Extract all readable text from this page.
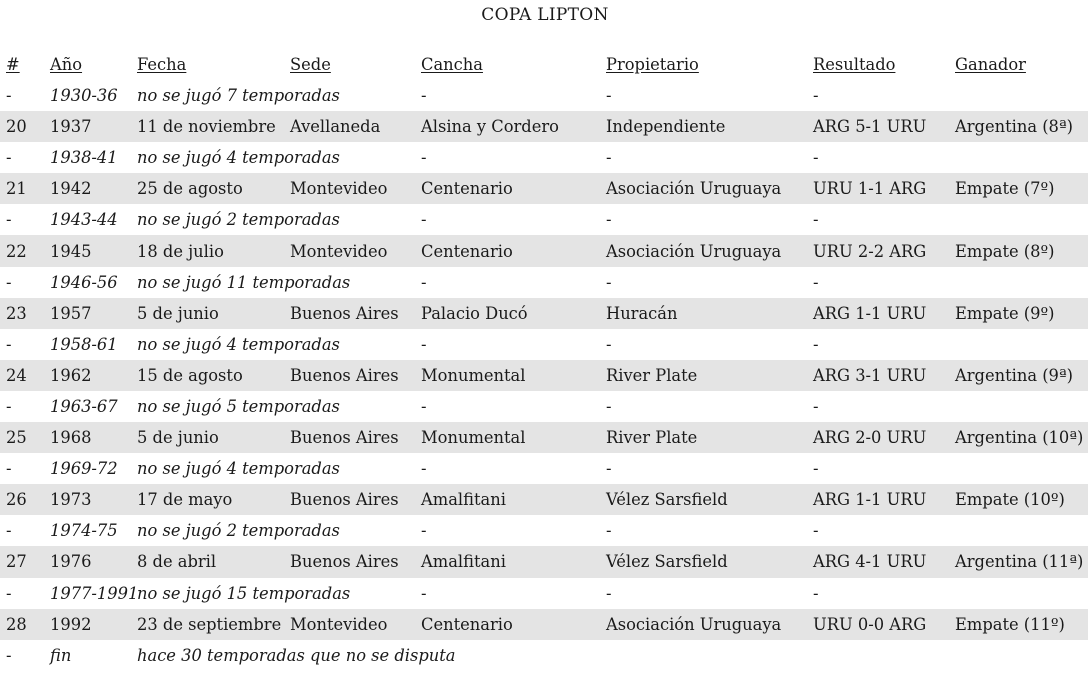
COPA LIPTON
#	Año	Fecha	Sede	Cancha	Propietario	Resultado	Ganador
-	1930-36	no se jugó 7 temporadas		-	-	-	
20	1937	11 de noviembre	Avellaneda	Alsina y Cordero	Independiente	ARG 5-1 URU	Argentina (8ª)
-	1938-41	no se jugó 4 temporadas		-	-	-	
21	1942	25 de agosto	Montevideo	Centenario	Asociación Uruguaya	URU 1-1 ARG	Empate (7º)
-	1943-44	no se jugó 2 temporadas		-	-	-	
22	1945	18 de julio	Montevideo	Centenario	Asociación Uruguaya	URU 2-2 ARG	Empate (8º)
-	1946-56	no se jugó 11 temporadas		-	-	-	
23	1957	5 de junio	Buenos Aires	Palacio Ducó	Huracán	ARG 1-1 URU	Empate (9º)
-	1958-61	no se jugó 4 temporadas		-	-	-	
24	1962	15 de agosto	Buenos Aires	Monumental	River Plate	ARG 3-1 URU	Argentina (9ª)
-	1963-67	no se jugó 5 temporadas		-	-	-	
25	1968	5 de junio	Buenos Aires	Monumental	River Plate	ARG 2-0 URU	Argentina (10ª)
-	1969-72	no se jugó 4 temporadas		-	-	-	
26	1973	17 de mayo	Buenos Aires	Amalfitani	Vélez Sarsfield	ARG 1-1 URU	Empate (10º)
-	1974-75	no se jugó 2 temporadas		-	-	-	
27	1976	8 de abril	Buenos Aires	Amalfitani	Vélez Sarsfield	ARG 4-1 URU	Argentina (11ª)
-	1977-1991	no se jugó 15 temporadas		-	-	-	
28	1992	23 de septiembre	Montevideo	Centenario	Asociación Uruguaya	URU 0-0 ARG	Empate (11º)
-	fin	hace 30 temporadas que no se disputa					
